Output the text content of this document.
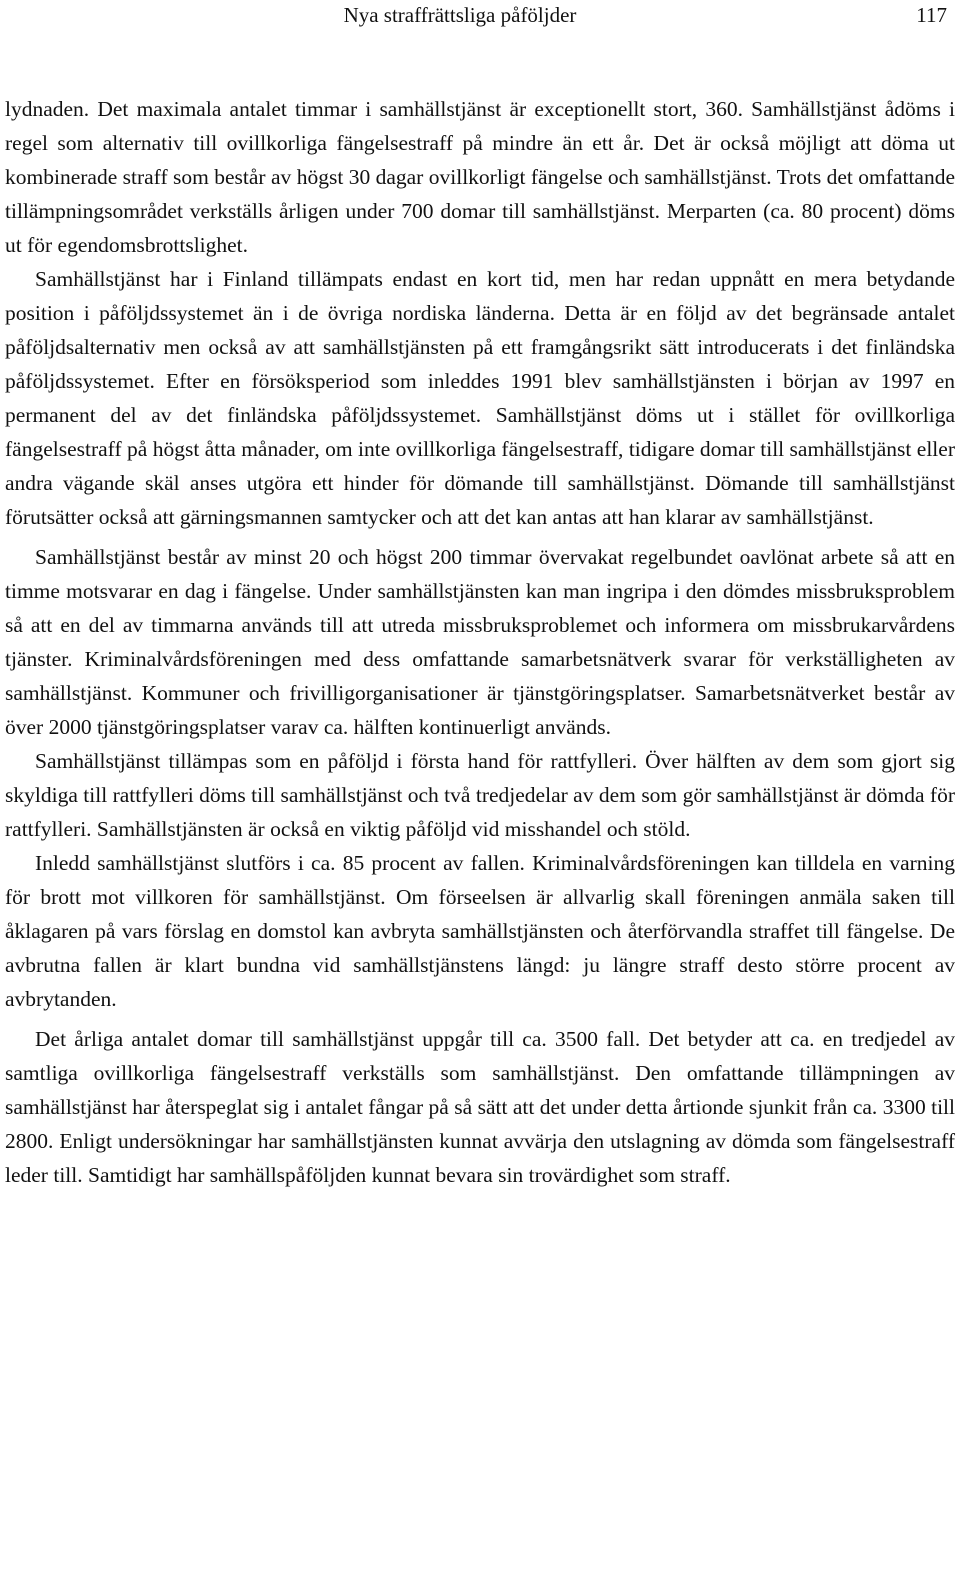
Nya straffrättsliga påföljder	117

lydnaden. Det maximala antalet timmar i samhällstjänst är exceptionellt stort, 360. Samhällstjänst ådöms i regel som alternativ till ovillkorliga fängelsestraff på mindre än ett år. Det är också möjligt att döma ut kombinerade straff som består av högst 30 dagar ovillkorligt fängelse och samhällstjänst. Trots det omfattande tillämpningsområdet verkställs årligen under 700 domar till samhällstjänst. Merparten (ca. 80 procent) döms ut för egendomsbrottslighet.

Samhällstjänst har i Finland tillämpats endast en kort tid, men har redan uppnått en mera betydande position i påföljdssystemet än i de övriga nordiska länderna. Detta är en följd av det begränsade antalet påföljdsalternativ men också av att samhällstjänsten på ett framgångsrikt sätt introducerats i det finländska påföljdssystemet. Efter en försöksperiod som inleddes 1991 blev samhällstjänsten i början av 1997 en permanent del av det finländska påföljdssystemet. Samhällstjänst döms ut i stället för ovillkorliga fängelsestraff på högst åtta månader, om inte ovillkorliga fängelsestraff, tidigare domar till samhällstjänst eller andra vägande skäl anses utgöra ett hinder för dömande till samhällstjänst. Dömande till samhällstjänst förutsätter också att gärningsmannen samtycker och att det kan antas att han klarar av samhällstjänst.

Samhällstjänst består av minst 20 och högst 200 timmar övervakat regelbundet oavlönat arbete så att en timme motsvarar en dag i fängelse. Under samhällstjänsten kan man ingripa i den dömdes missbruksproblem så att en del av timmarna används till att utreda missbruksproblemet och informera om missbrukarvårdens tjänster. Kriminalvårdsföreningen med dess omfattande samarbetsnätverk svarar för verkställigheten av samhällstjänst. Kommuner och frivilligorganisationer är tjänstgöringsplatser. Samarbetsnätverket består av över 2000 tjänstgöringsplatser varav ca. hälften kontinuerligt används.

Samhällstjänst tillämpas som en påföljd i första hand för rattfylleri. Över hälften av dem som gjort sig skyldiga till rattfylleri döms till samhällstjänst och två tredjedelar av dem som gör samhällstjänst är dömda för rattfylleri. Samhällstjänsten är också en viktig påföljd vid misshandel och stöld.

Inledd samhällstjänst slutförs i ca. 85 procent av fallen. Kriminalvårdsföreningen kan tilldela en varning för brott mot villkoren för samhällstjänst. Om förseelsen är allvarlig skall föreningen anmäla saken till åklagaren på vars förslag en domstol kan avbryta samhällstjänsten och återförvandla straffet till fängelse. De avbrutna fallen är klart bundna vid samhällstjänstens längd: ju längre straff desto större procent av avbrytanden.

Det årliga antalet domar till samhällstjänst uppgår till ca. 3500 fall. Det betyder att ca. en tredjedel av samtliga ovillkorliga fängelsestraff verkställs som samhällstjänst. Den omfattande tillämpningen av samhällstjänst har återspeglat sig i antalet fångar på så sätt att det under detta årtionde sjunkit från ca. 3300 till 2800. Enligt undersökningar har samhällstjänsten kunnat avvärja den utslagning av dömda som fängelsestraff leder till. Samtidigt har samhällspåföljden kunnat bevara sin trovärdighet som straff.
